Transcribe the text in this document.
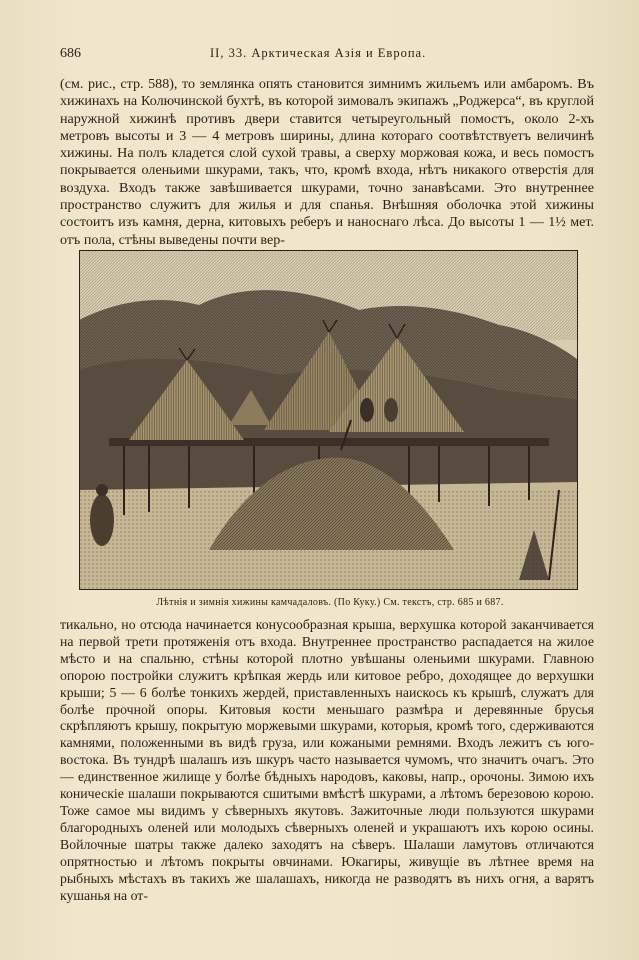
686	II, 33. Арктическая Азія и Европа.

(см. рис., стр. 588), то землянка опять становится зимнимъ жильемъ или амбаромъ. Въ хижинахъ на Колючинской бухтѣ, въ которой зимовалъ экипажъ „Роджерса“, въ круглой наружной хижинѣ противъ двери ставится четыреугольный помостъ, около 2-хъ метровъ высоты и 3 — 4 метровъ ширины, длина котораго соотвѣтствуетъ величинѣ хижины. На полъ кладется слой сухой травы, а сверху моржовая кожа, и весь помостъ покрывается оленьими шкурами, такъ, что, кромѣ входа, нѣтъ никакого отверстія для воздуха. Входъ также завѣшивается шкурами, точно занавѣсами. Это внутреннее пространство служитъ для жилья и для спанья. Внѣшняя оболочка этой хижины состоитъ изъ камня, дерна, китовыхъ реберъ и наноснаго лѣса. До высоты 1 — 1½ мет. отъ пола, стѣны выведены почти вер-

Лѣтнія и зимнія хижины камчадаловъ. (По Куку.) См. текстъ, стр. 685 и 687.

тикально, но отсюда начинается конусообразная крыша, верхушка которой заканчивается на первой трети протяженія отъ входа. Внутреннее пространство распадается на жилое мѣсто и на спальню, стѣны которой плотно увѣшаны оленьими шкурами. Главною опорою постройки служитъ крѣпкая жердь или китовое ребро, доходящее до верхушки крыши; 5 — 6 болѣе тонкихъ жердей, приставленныхъ наискось къ крышѣ, служатъ для болѣе прочной опоры. Китовыя кости меньшаго размѣра и деревянные брусья скрѣпляютъ крышу, покрытую моржевыми шкурами, которыя, кромѣ того, сдерживаются камнями, положенными въ видѣ груза, или кожаными ремнями. Входъ лежитъ съ юго-востока. Въ тундрѣ шалашъ изъ шкуръ часто называется чумомъ, что значитъ очагъ. Это — единственное жилище у болѣе бѣдныхъ народовъ, каковы, напр., орочоны. Зимою ихъ коническіе шалаши покрываются сшитыми вмѣстѣ шкурами, а лѣтомъ березовою корою. Тоже самое мы видимъ у сѣверныхъ якутовъ. Зажиточные люди пользуются шкурами благородныхъ оленей или молодыхъ сѣверныхъ оленей и украшаютъ ихъ корою осины. Войлочные шатры также далеко заходятъ на сѣверъ. Шалаши ламутовъ отличаются опрятностью и лѣтомъ покрыты овчинами. Юкагиры, живущіе въ лѣтнее время на рыбныхъ мѣстахъ въ такихъ же шалашахъ, никогда не разводятъ въ нихъ огня, а варятъ кушанья на от-
